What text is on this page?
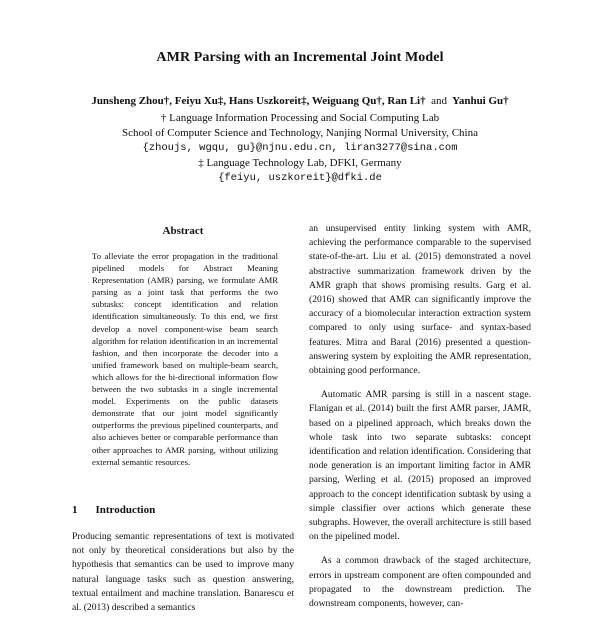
AMR Parsing with an Incremental Joint Model
Junsheng Zhou†, Feiyu Xu‡, Hans Uszkoreit‡, Weiguang Qu†, Ran Li† and Yanhui Gu†
† Language Information Processing and Social Computing Lab
School of Computer Science and Technology, Nanjing Normal University, China
{zhoujs, wgqu, gu}@njnu.edu.cn, liran3277@sina.com
‡ Language Technology Lab, DFKI, Germany
{feiyu, uszkoreit}@dfki.de
Abstract
To alleviate the error propagation in the traditional pipelined models for Abstract Meaning Representation (AMR) parsing, we formulate AMR parsing as a joint task that performs the two subtasks: concept identification and relation identification simultaneously. To this end, we first develop a novel component-wise beam search algorithm for relation identification in an incremental fashion, and then incorporate the decoder into a unified framework based on multiple-beam search, which allows for the bi-directional information flow between the two subtasks in a single incremental model. Experiments on the public datasets demonstrate that our joint model significantly outperforms the previous pipelined counterparts, and also achieves better or comparable performance than other approaches to AMR parsing, without utilizing external semantic resources.
1 Introduction
Producing semantic representations of text is motivated not only by theoretical considerations but also by the hypothesis that semantics can be used to improve many natural language tasks such as question answering, textual entailment and machine translation. Banarescu et al. (2013) described a semantics

an unsupervised entity linking system with AMR, achieving the performance comparable to the supervised state-of-the-art. Liu et al. (2015) demonstrated a novel abstractive summarization framework driven by the AMR graph that shows promising results. Garg et al. (2016) showed that AMR can significantly improve the accuracy of a biomolecular interaction extraction system compared to only using surface- and syntax-based features. Mitra and Baral (2016) presented a question-answering system by exploiting the AMR representation, obtaining good performance.

Automatic AMR parsing is still in a nascent stage. Flanigan et al. (2014) built the first AMR parser, JAMR, based on a pipelined approach, which breaks down the whole task into two separate subtasks: concept identification and relation identification. Considering that node generation is an important limiting factor in AMR parsing, Werling et al. (2015) proposed an improved approach to the concept identification subtask by using a simple classifier over actions which generate these subgraphs. However, the overall architecture is still based on the pipelined model.

As a common drawback of the staged architecture, errors in upstream component are often compounded and propagated to the downstream prediction. The downstream components, however, can-
